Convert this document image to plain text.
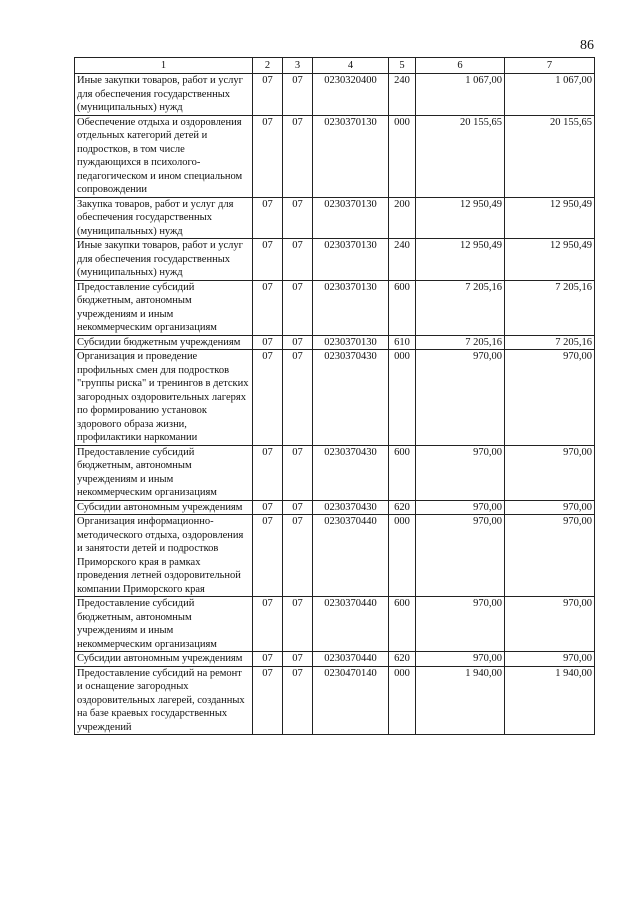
86
1	2	3	4	5	6	7
Иные закупки товаров, работ и услуг для обеспечения государственных (муниципальных) нужд	07	07	0230320400	240	1 067,00	1 067,00
Обеспечение отдыха и оздоровления отдельных категорий детей и подростков, в том числе пуждающихся в психолого-педагогическом и ином специальном сопровождении	07	07	0230370130	000	20 155,65	20 155,65
Закупка товаров, работ и услуг для обеспечения государственных (муниципальных) нужд	07	07	0230370130	200	12 950,49	12 950,49
Иные закупки товаров, работ и услуг для обеспечения государственных (муниципальных) нужд	07	07	0230370130	240	12 950,49	12 950,49
Предоставление субсидий бюджетным, автономным учреждениям и иным некоммерческим организациям	07	07	0230370130	600	7 205,16	7 205,16
Субсидии бюджетным учреждениям	07	07	0230370130	610	7 205,16	7 205,16
Организация и проведение профильных смен для подростков "группы риска" и тренингов в детских загородных оздоровительных лагерях по формированию установок здорового образа жизни, профилактики наркомании	07	07	0230370430	000	970,00	970,00
Предоставление субсидий бюджетным, автономным учреждениям и иным некоммерческим организациям	07	07	0230370430	600	970,00	970,00
Субсидии автономным учреждениям	07	07	0230370430	620	970,00	970,00
Организация информационно-методического отдыха, оздоровления и занятости детей и подростков Приморского края в рамках проведения летней оздоровительной компании Приморского края	07	07	0230370440	000	970,00	970,00
Предоставление субсидий бюджетным, автономным учреждениям и иным некоммерческим организациям	07	07	0230370440	600	970,00	970,00
Субсидии автономным учреждениям	07	07	0230370440	620	970,00	970,00
Предоставление субсидий на ремонт и оснащение загородных оздоровительных лагерей, созданных на базе краевых государственных учреждений	07	07	0230470140	000	1 940,00	1 940,00
